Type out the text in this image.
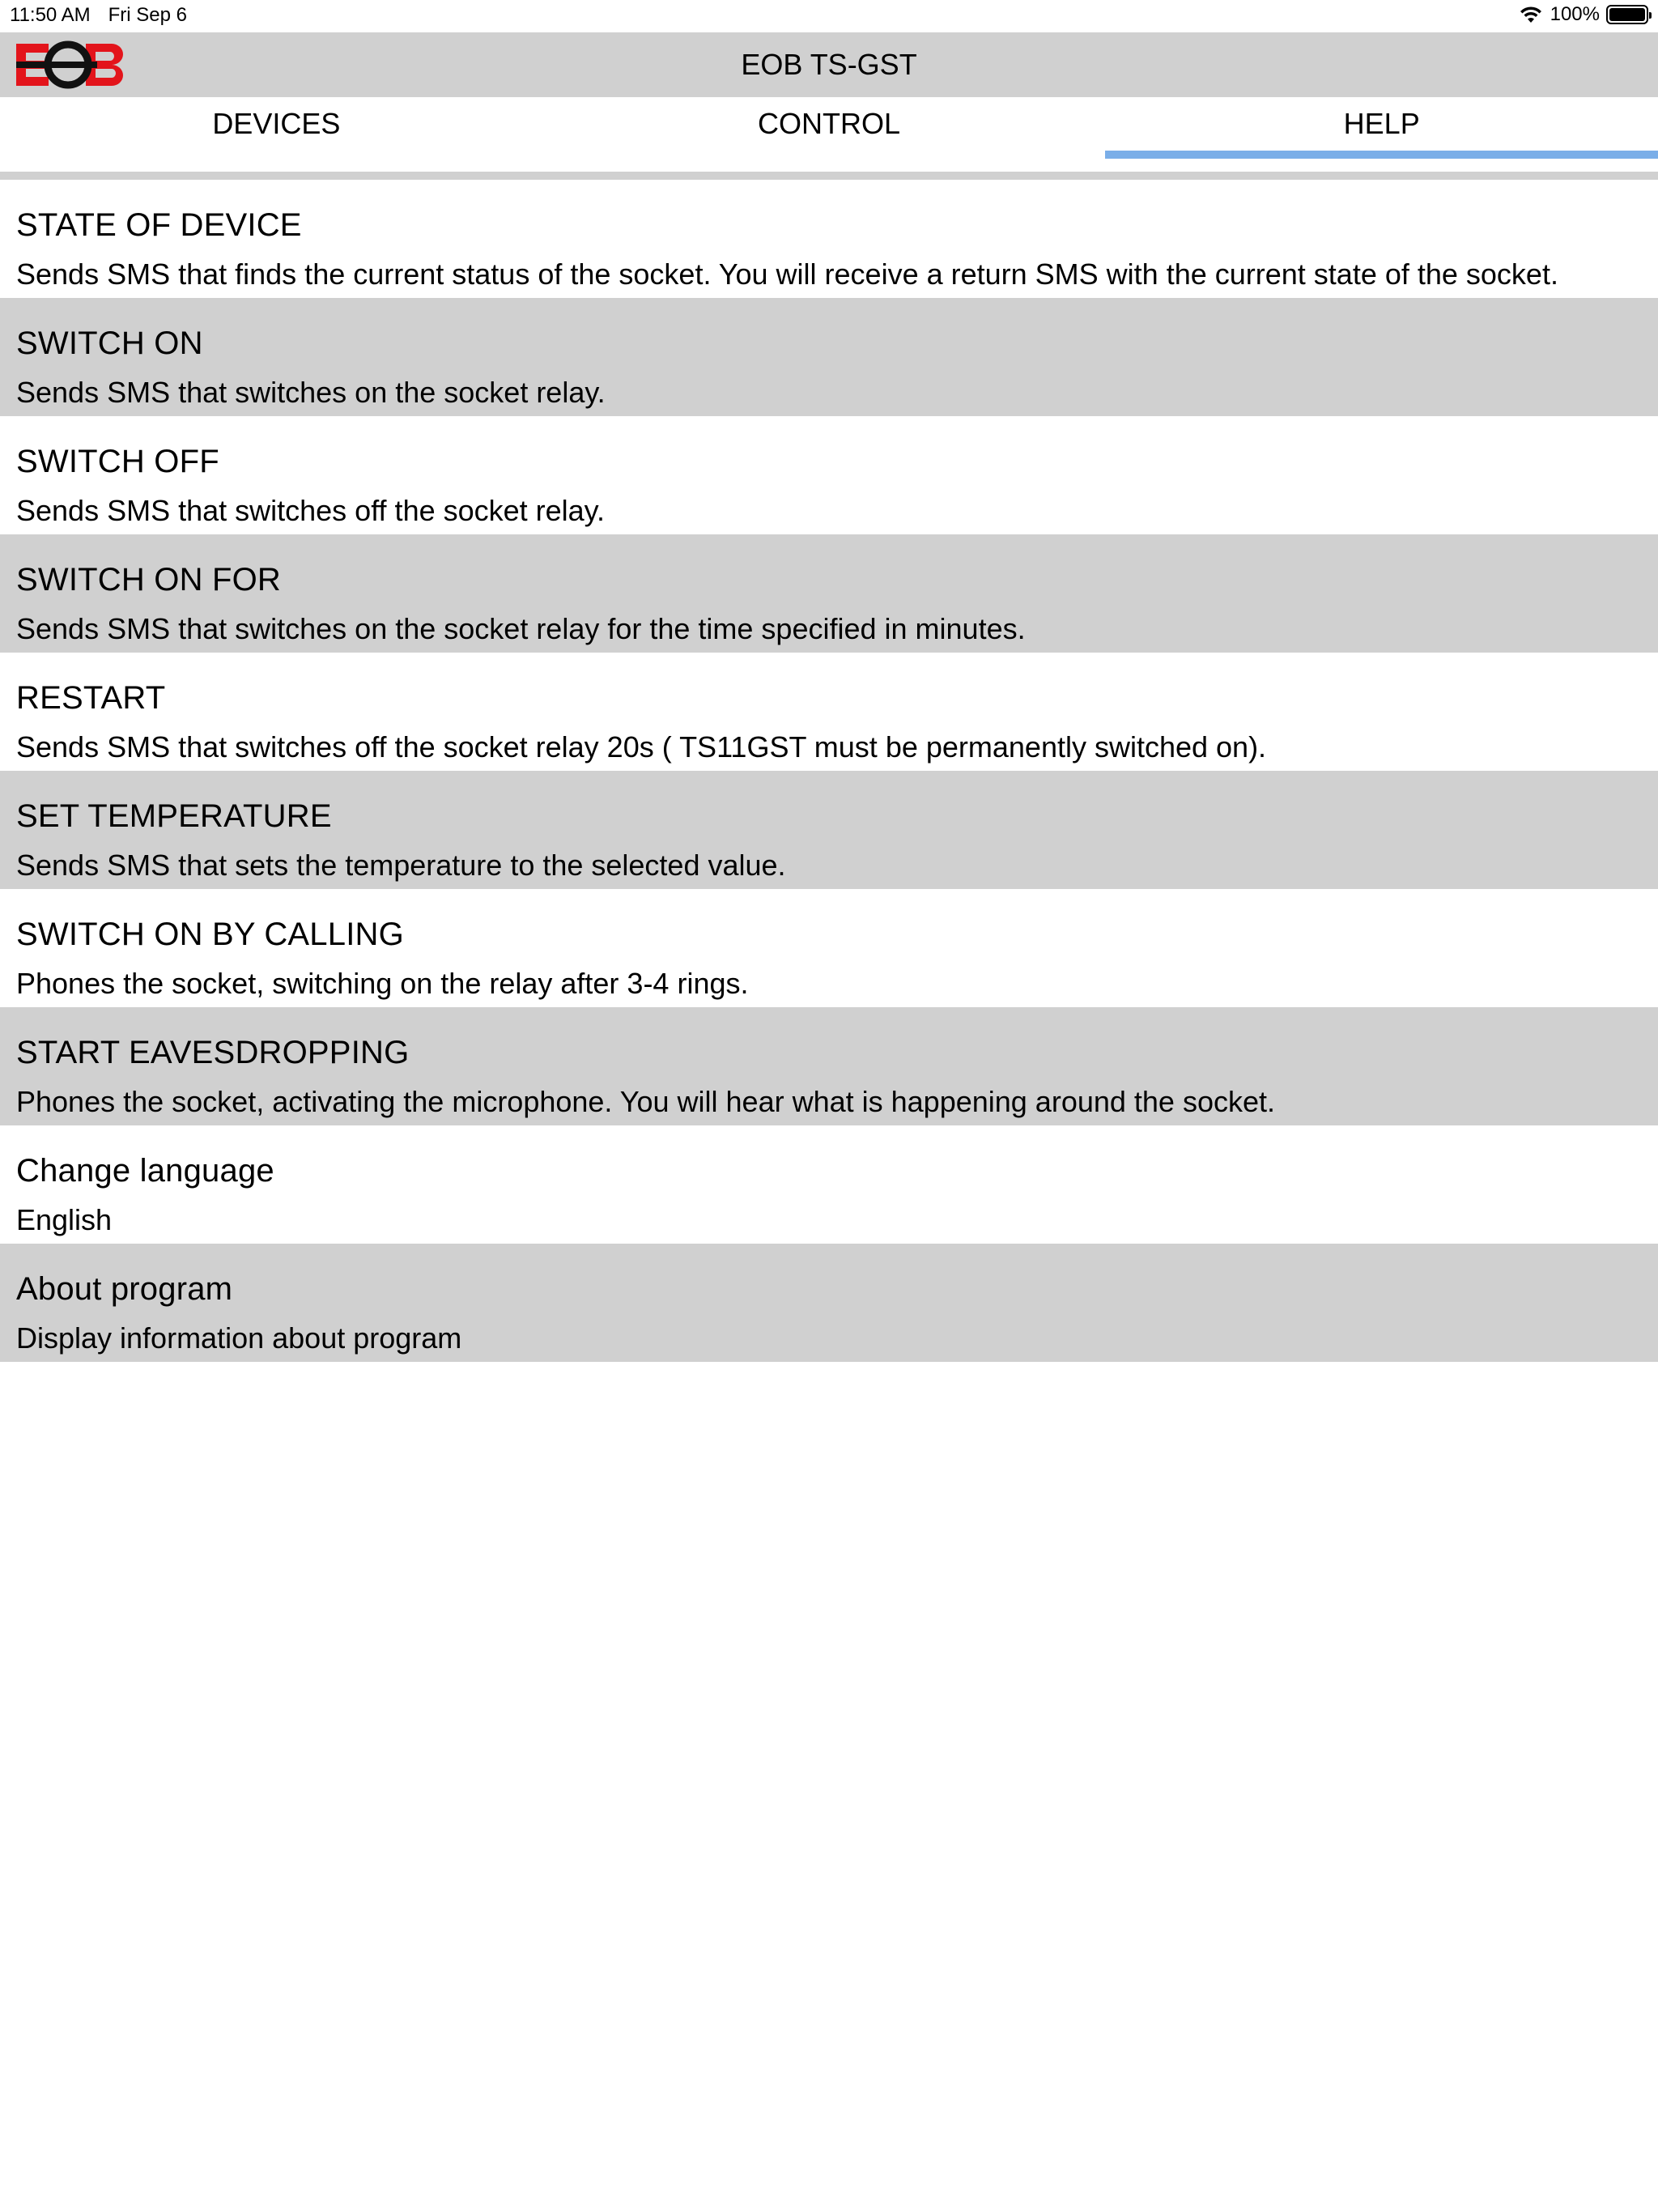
11:50 AM Fri Sep 6	100%
EOB TS-GST
DEVICES	CONTROL	HELP
STATE OF DEVICE
Sends SMS that finds the current status of the socket. You will receive a return SMS with the current state of the socket.
SWITCH ON
Sends SMS that switches on the socket relay.
SWITCH OFF
Sends SMS that switches off the socket relay.
SWITCH ON FOR
Sends SMS that switches on the socket relay for the time specified in minutes.
RESTART
Sends SMS that switches off the socket relay 20s ( TS11GST must be permanently switched on).
SET TEMPERATURE
Sends SMS that sets the temperature to the selected value.
SWITCH ON BY CALLING
Phones the socket, switching on the relay after 3-4 rings.
START EAVESDROPPING
Phones the socket, activating the microphone. You will hear what is happening around the socket.
Change language
English
About program
Display information about program
